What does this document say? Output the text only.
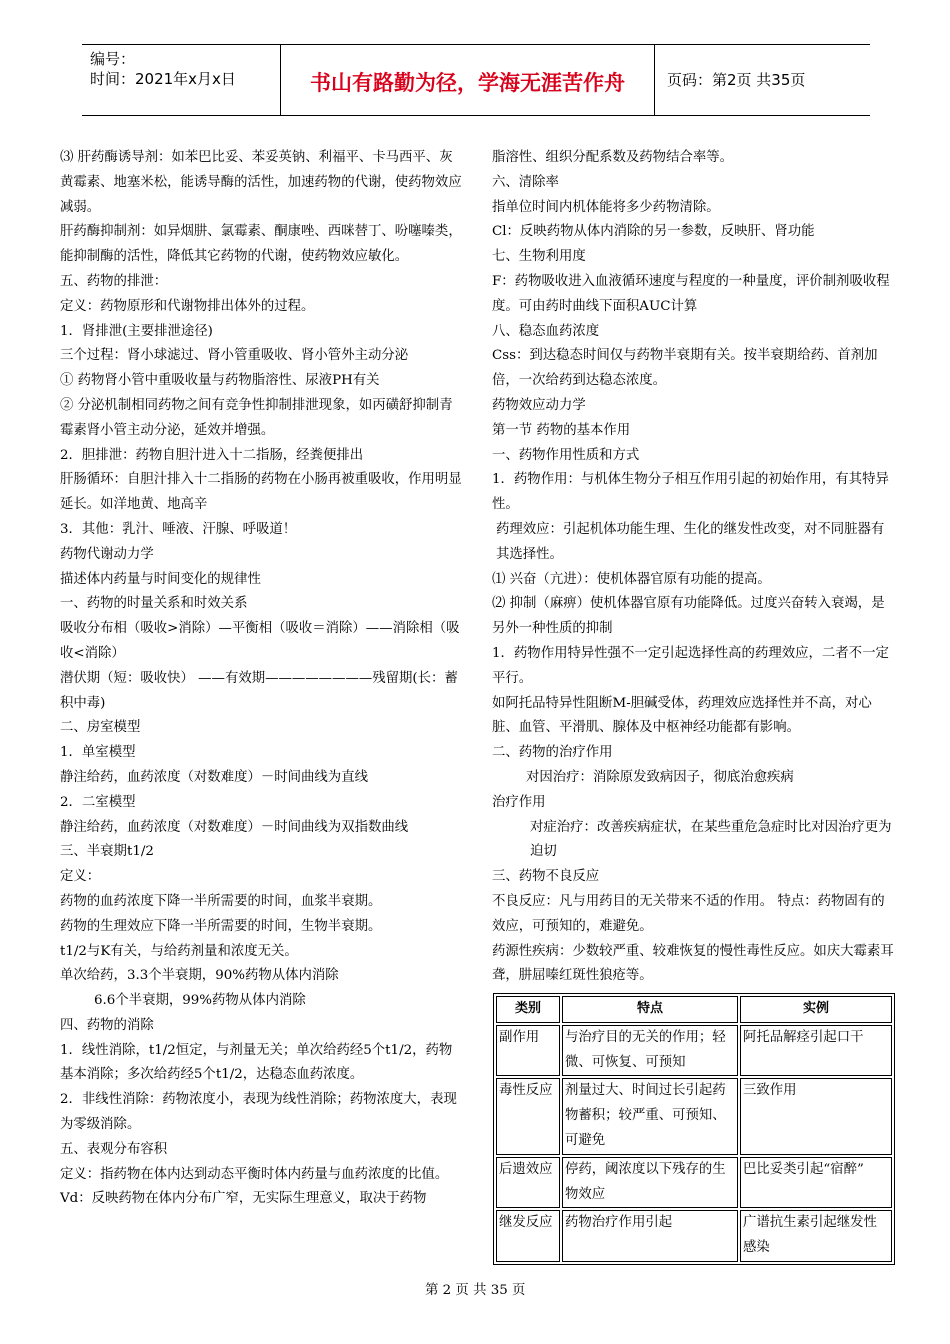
编号：
时间：2021年x月x日	书山有路勤为径，学海无涯苦作舟	页码：第2页 共35页

⑶ 肝药酶诱导剂：如苯巴比妥、苯妥英钠、利福平、卡马西平、灰黄霉素、地塞米松，能诱导酶的活性，加速药物的代谢，使药物效应减弱。

肝药酶抑制剂：如异烟肼、氯霉素、酮康唑、西咪替丁、吩噻嗪类，能抑制酶的活性，降低其它药物的代谢，使药物效应敏化。

五、药物的排泄：

定义：药物原形和代谢物排出体外的过程。

1．肾排泄(主要排泄途径)

三个过程：肾小球滤过、肾小管重吸收、肾小管外主动分泌

① 药物肾小管中重吸收量与药物脂溶性、尿液PH有关

② 分泌机制相同药物之间有竞争性抑制排泄现象，如丙磺舒抑制青霉素肾小管主动分泌，延效并增强。

2．胆排泄：药物自胆汁进入十二指肠，经粪便排出

肝肠循环：自胆汁排入十二指肠的药物在小肠再被重吸收，作用明显延长。如洋地黄、地高辛

3．其他：乳汁、唾液、汗腺、呼吸道！

药物代谢动力学

描述体内药量与时间变化的规律性

一、药物的时量关系和时效关系

吸收分布相（吸收>消除）—平衡相（吸收＝消除）——消除相（吸收<消除）

潜伏期（短：吸收快） ——有效期————————残留期(长：蓄积中毒)

二、房室模型

1．单室模型

静注给药，血药浓度（对数难度）－时间曲线为直线

2．二室模型

静注给药，血药浓度（对数难度）－时间曲线为双指数曲线

三、半衰期t1/2

定义：

药物的血药浓度下降一半所需要的时间，血浆半衰期。

药物的生理效应下降一半所需要的时间，生物半衰期。

t1/2与K有关，与给药剂量和浓度无关。

单次给药，3.3个半衰期，90%药物从体内消除

6.6个半衰期，99%药物从体内消除

四、药物的消除

1．线性消除，t1/2恒定，与剂量无关；单次给药经5个t1/2，药物基本消除；多次给药经5个t1/2，达稳态血药浓度。

2．非线性消除：药物浓度小，表现为线性消除；药物浓度大，表现为零级消除。

五、表观分布容积

定义：指药物在体内达到动态平衡时体内药量与血药浓度的比值。

Vd：反映药物在体内分布广窄，无实际生理意义，取决于药物

脂溶性、组织分配系数及药物结合率等。

六、清除率

指单位时间内机体能将多少药物清除。

Cl：反映药物从体内消除的另一参数，反映肝、肾功能

七、生物利用度

F：药物吸收进入血液循环速度与程度的一种量度，评价制剂吸收程度。可由药时曲线下面积AUC计算

八、稳态血药浓度

Css：到达稳态时间仅与药物半衰期有关。按半衰期给药、首剂加倍，一次给药到达稳态浓度。

药物效应动力学

第一节 药物的基本作用

一、药物作用性质和方式

1．药物作用：与机体生物分子相互作用引起的初始作用，有其特异性。

药理效应：引起机体功能生理、生化的继发性改变，对不同脏器有其选择性。

⑴ 兴奋（亢进）：使机体器官原有功能的提高。

⑵ 抑制（麻痹）使机体器官原有功能降低。过度兴奋转入衰竭，是另外一种性质的抑制

1．药物作用特异性强不一定引起选择性高的药理效应，二者不一定平行。

如阿托品特异性阻断M-胆碱受体，药理效应选择性并不高，对心脏、血管、平滑肌、腺体及中枢神经功能都有影响。

二、药物的治疗作用

对因治疗：消除原发致病因子，彻底治愈疾病

治疗作用

对症治疗：改善疾病症状，在某些重危急症时比对因治疗更为迫切

三、药物不良反应

不良反应：凡与用药目的无关带来不适的作用。 特点：药物固有的效应，可预知的，难避免。

药源性疾病：少数较严重、较难恢复的慢性毒性反应。如庆大霉素耳聋，肼屈嗪红斑性狼疮等。

类别	特点	实例
副作用	与治疗目的无关的作用；轻微、可恢复、可预知	阿托品解痉引起口干
毒性反应	剂量过大、时间过长引起药物蓄积；较严重、可预知、可避免	三致作用
后遗效应	停药，阈浓度以下残存的生物效应	巴比妥类引起“宿醉”
继发反应	药物治疗作用引起	广谱抗生素引起继发性感染
第 2 页 共 35 页
